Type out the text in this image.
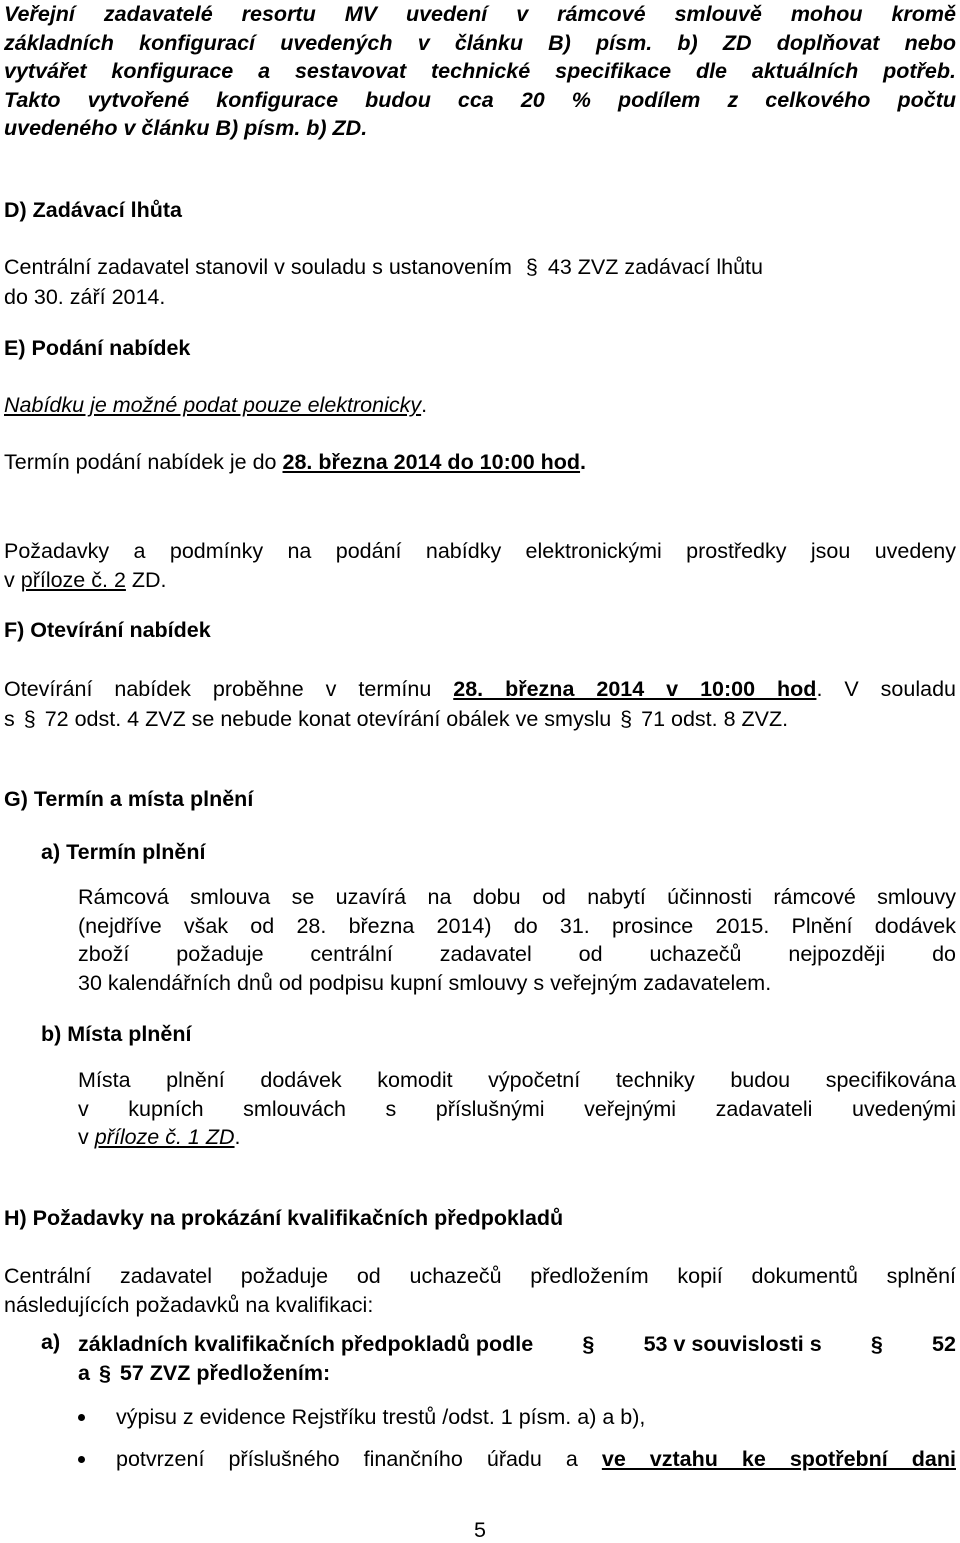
Veřejní zadavatelé resortu MV uvedení v rámcové smlouvě mohou kromě
základních konfigurací uvedených v článku B) písm. b) ZD doplňovat nebo
vytvářet konfigurace a sestavovat technické specifikace dle aktuálních potřeb.
Takto vytvořené konfigurace budou cca 20 % podílem z celkového počtu
uvedeného v článku B) písm. b) ZD.
D) Zadávací lhůta
Centrální zadavatel stanovil v souladu s ustanovením § 43 ZVZ zadávací lhůtu
do 30. září 2014.
E) Podání nabídek
Nabídku je možné podat pouze elektronicky.
Termín podání nabídek je do 28. března 2014 do 10:00 hod.
Požadavky a podmínky na podání nabídky elektronickými prostředky jsou uvedeny
v příloze č. 2 ZD.
F) Otevírání nabídek
Otevírání nabídek proběhne v termínu 28. března 2014 v 10:00 hod. V souladu
s § 72 odst. 4 ZVZ se nebude konat otevírání obálek ve smyslu § 71 odst. 8 ZVZ.
G) Termín a místa plnění
a) Termín plnění
Rámcová smlouva se uzavírá na dobu od nabytí účinnosti rámcové smlouvy
(nejdříve však od 28. března 2014) do 31. prosince 2015. Plnění dodávek
zboží požaduje centrální zadavatel od uchazečů nejpozději do
30 kalendářních dnů od podpisu kupní smlouvy s veřejným zadavatelem.
b) Místa plnění
Místa plnění dodávek komodit výpočetní techniky budou specifikována
v kupních smlouvách s příslušnými veřejnými zadavateli uvedenými
v příloze č. 1 ZD.
H) Požadavky na prokázání kvalifikačních předpokladů
Centrální zadavatel požaduje od uchazečů předložením kopií dokumentů splnění
následujících požadavků na kvalifikaci:
a) základních kvalifikačních předpokladů podle § 53 v souvislosti s § 52
a § 57 ZVZ předložením:
výpisu z evidence Rejstříku trestů /odst. 1 písm. a) a b),
potvrzení příslušného finančního úřadu a ve vztahu ke spotřební dani
5
